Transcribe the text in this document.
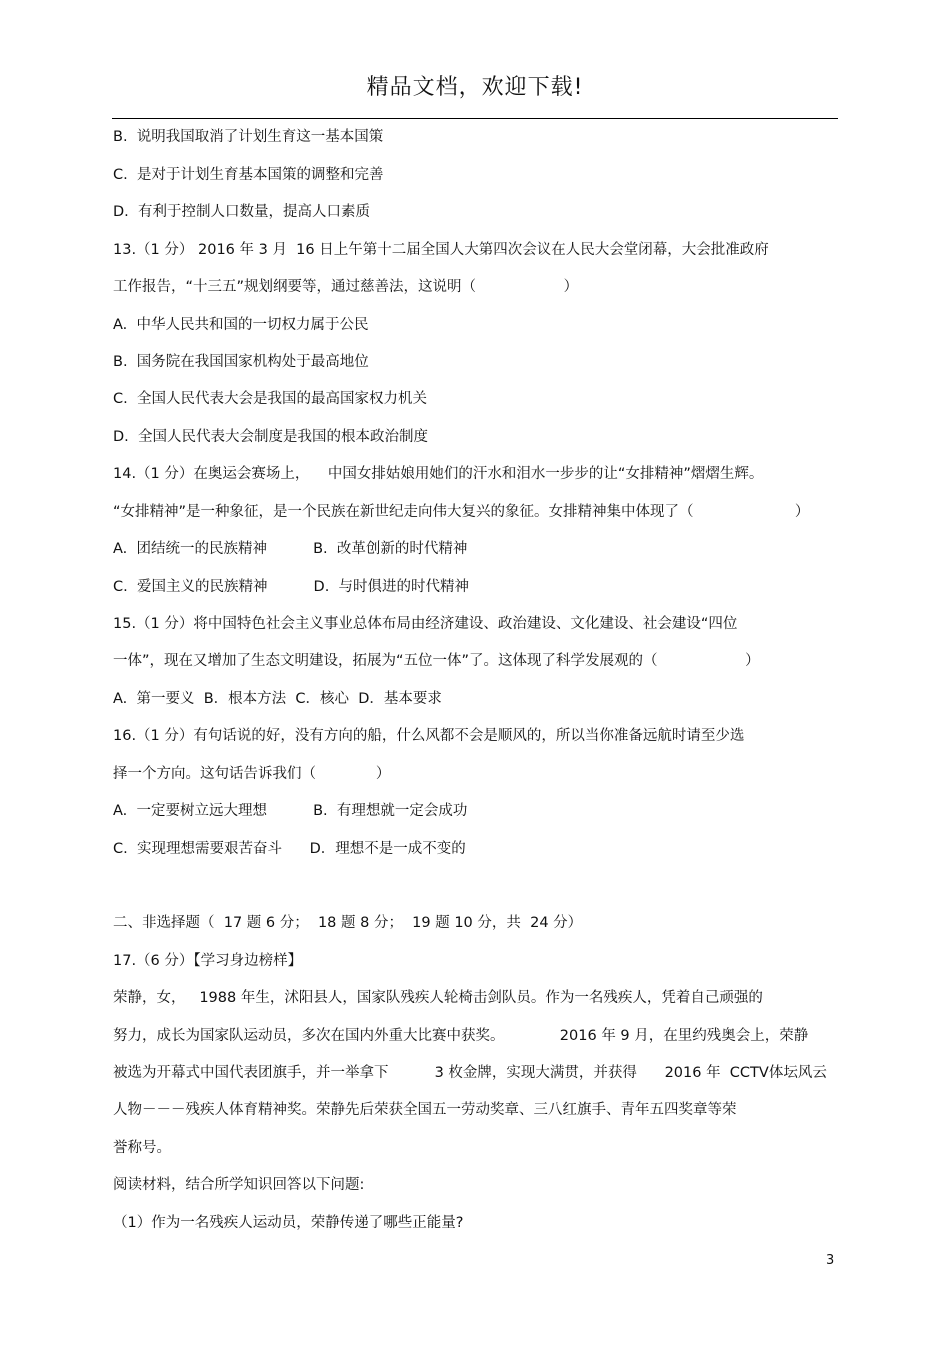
精品文档，欢迎下载!
B.  说明我国取消了计划生育这一基本国策
C.  是对于计划生育基本国策的调整和完善
D.  有利于控制人口数量，提高人口素质
13.（1 分） 2016 年 3 月  16 日上午第十二届全国人大第四次会议在人民大会堂闭幕，大会批准政府
工作报告，“十三五”规划纲要等，通过慈善法，这说明（                   ）
A.  中华人民共和国的一切权力属于公民
B.  国务院在我国国家机构处于最高地位
C.  全国人民代表大会是我国的最高国家权力机关
D.  全国人民代表大会制度是我国的根本政治制度
14.（1 分）在奥运会赛场上，    中国女排姑娘用她们的汗水和泪水一步步的让“女排精神”熠熠生辉。
“女排精神”是一种象征，是一个民族在新世纪走向伟大复兴的象征。女排精神集中体现了（                      ）
A.  团结统一的民族精神          B.  改革创新的时代精神
C.  爱国主义的民族精神          D.  与时俱进的时代精神
15.（1 分）将中国特色社会主义事业总体布局由经济建设、政治建设、文化建设、社会建设“四位
一体”，现在又增加了生态文明建设，拓展为“五位一体”了。这体现了科学发展观的（                   ）
A.  第一要义  B．根本方法  C．核心  D．基本要求
16.（1 分）有句话说的好，没有方向的船，什么风都不会是顺风的，所以当你准备远航时请至少选
择一个方向。这句话告诉我们（             ）
A.  一定要树立远大理想          B.  有理想就一定会成功
C.  实现理想需要艰苦奋斗      D．理想不是一成不变的
二、非选择题（  17 题 6 分；  18 题 8 分；  19 题 10 分，共  24 分）
17.（6 分）【学习身边榜样】
荣静，女，   1988 年生，沭阳县人，国家队残疾人轮椅击剑队员。作为一名残疾人，凭着自己顽强的
努力，成长为国家队运动员，多次在国内外重大比赛中获奖。            2016 年 9 月，在里约残奥会上，荣静
被选为开幕式中国代表团旗手，并一举拿下          3 枚金牌，实现大满贯，并获得      2016 年  CCTV体坛风云
人物－－－残疾人体育精神奖。荣静先后荣获全国五一劳动奖章、三八红旗手、青年五四奖章等荣
誉称号。
阅读材料，结合所学知识回答以下问题:
（1）作为一名残疾人运动员，荣静传递了哪些正能量?
3
